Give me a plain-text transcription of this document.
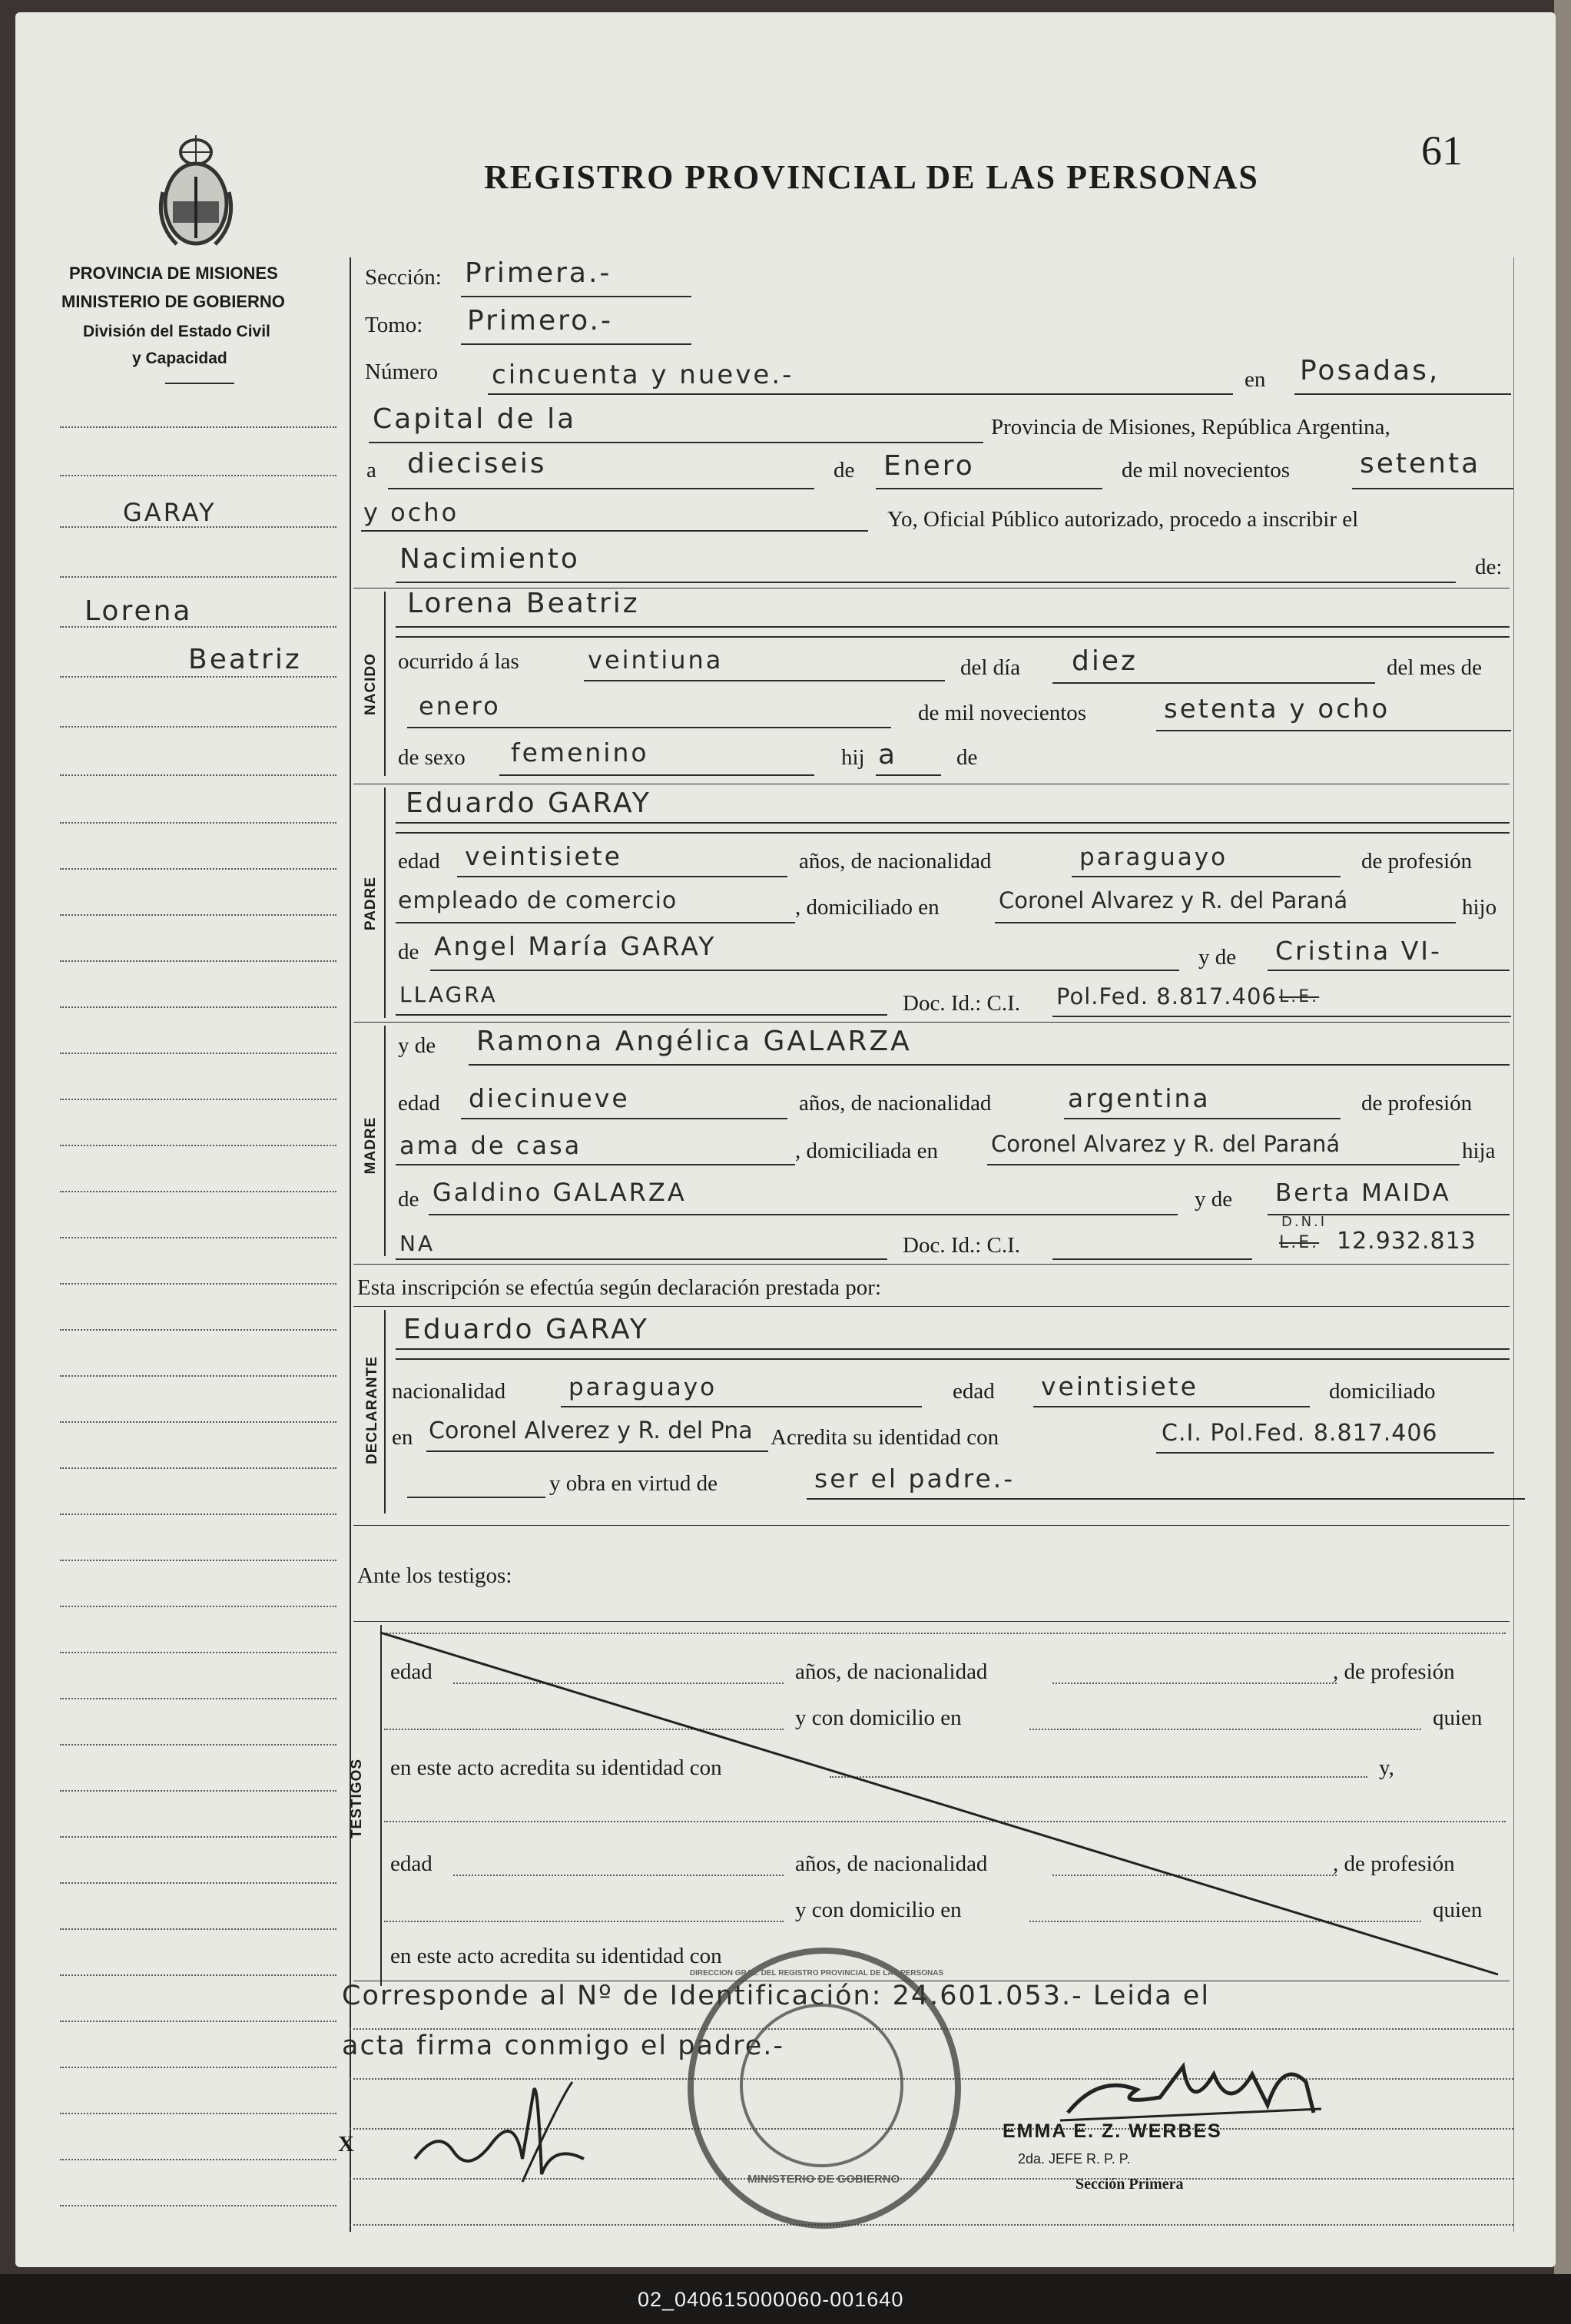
61
REGISTRO PROVINCIAL DE LAS PERSONAS
PROVINCIA DE MISIONES
MINISTERIO DE GOBIERNO
División del Estado Civil
y Capacidad
GARAY
Lorena
Beatriz
Sección: Primera.-
Tomo: Primero.-
Número cincuenta y nueve.-	en Posadas,
Capital de la	Provincia de Misiones, República Argentina,
a dieciseis	de Enero	de mil novecientos	setenta
y ocho	Yo, Oficial Público autorizado, procedo a inscribir el
Nacimiento	de:
NACIDO
Lorena Beatriz
ocurrido á las	veintiuna	del día diez	del mes de
enero	de mil novecientos	setenta y ocho
de sexo femenino	hij a	de
PADRE
Eduardo GARAY
edad veintisiete	años, de nacionalidad	paraguayo	de profesión
empleado de comercio	, domiciliado en	Coronel Alvarez y R. del Paraná	hijo
de Angel María GARAY	y de Cristina VI-
LLAGRA	Doc. Id.: C.I. Pol.Fed. 8.817.406 L.E.
MADRE
y de Ramona Angélica GALARZA
edad diecinueve	años, de nacionalidad	argentina	de profesión
ama de casa	, domiciliada en Coronel Alvarez y R. del Paraná	hija
de Galdino GALARZA	y de Berta MAIDA
NA	Doc. Id.: C.I.
D.N.I
L.E. 12.932.813
Esta inscripción se efectúa según declaración prestada por:
DECLARANTE
Eduardo GARAY
nacionalidad	paraguayo	edad veintisiete	domiciliado
en Coronel Alverez y R. del Pna Acredita su identidad con	C.I. Pol.Fed. 8.817.406
y obra en virtud de	ser el padre.-
Ante los testigos:
TESTIGOS
edad	años, de nacionalidad	, de profesión
y con domicilio en	quien
en este acto acredita su identidad con	y,
edad	años, de nacionalidad	, de profesión
y con domicilio en	quien
en este acto acredita su identidad con
Corresponde al Nº de Identificación: 24.601.053.- Leida el
acta firma conmigo el padre.-
MINISTERIO DE GOBIERNO
DIRECCION GRAL. DEL REGISTRO PROVINCIAL DE LAS PERSONAS
X
EMMA E. Z. WERBES
2da. JEFE R. P. P.
Sección Primera
02_040615000060-001640
